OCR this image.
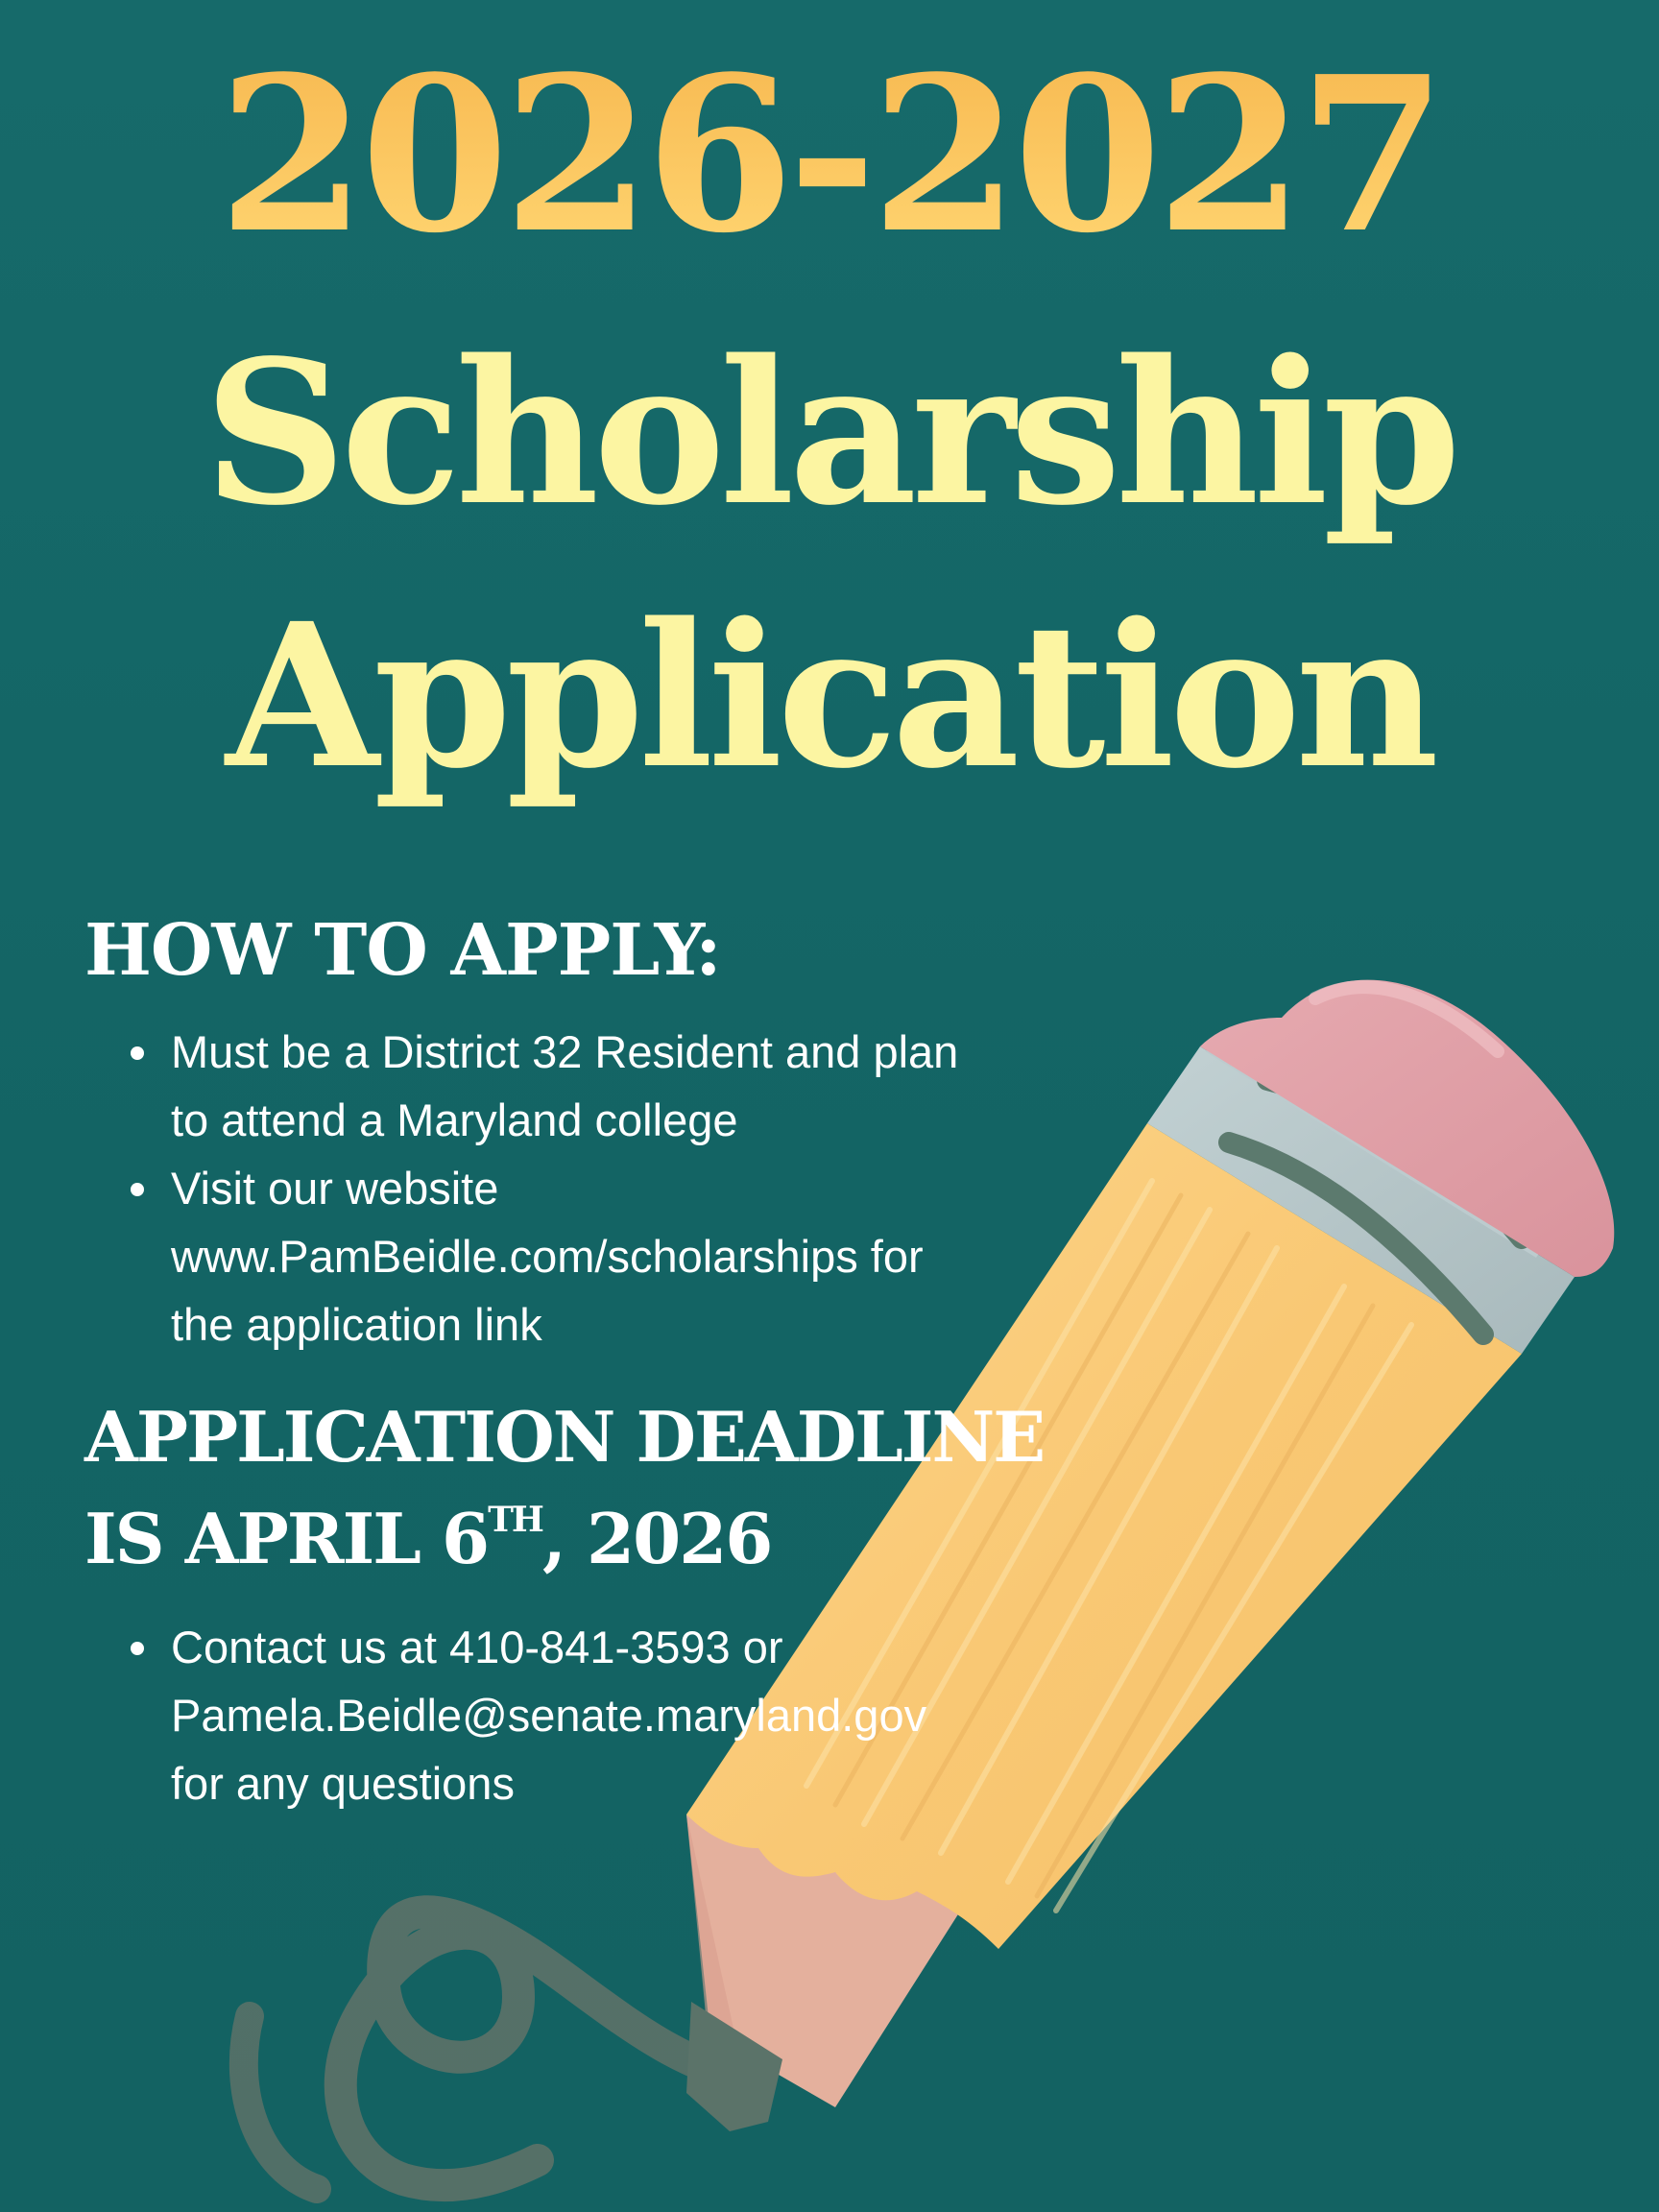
2026-2027
Scholarship
Application
HOW TO APPLY:
Must be a District 32 Resident and plan
to attend a Maryland college
Visit our website
www.PamBeidle.com/scholarships for
the application link
APPLICATION DEADLINE
IS APRIL 6TH, 2026
Contact us at 410-841-3593 or
Pamela.Beidle@senate.maryland.gov
for any questions
